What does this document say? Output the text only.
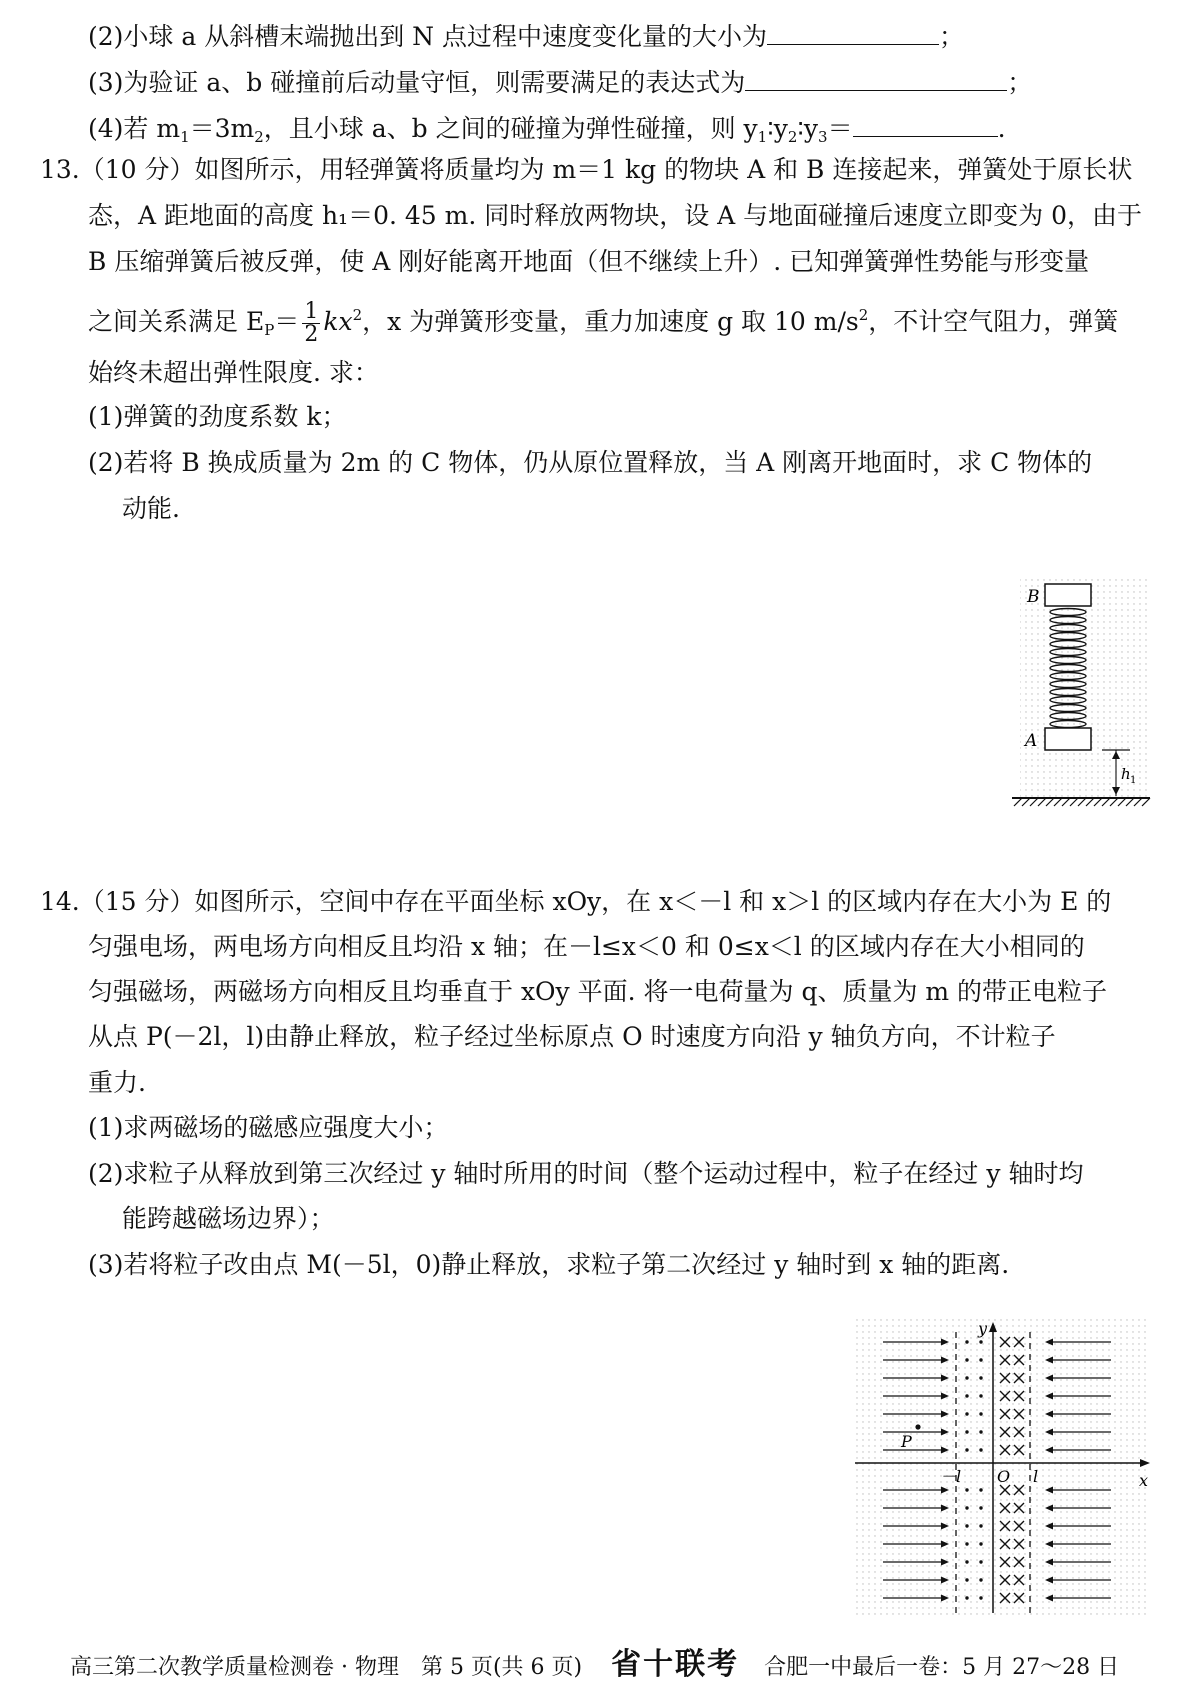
(2)小球 a 从斜槽末端抛出到 N 点过程中速度变化量的大小为	；
(3)为验证 a、b 碰撞前后动量守恒，则需要满足的表达式为	；
(4)若 $m_1=3m_2$，且小球 a、b 之间的碰撞为弹性碰撞，则 $y_1∶y_2∶y_3=$	.
13.（10 分）如图所示，用轻弹簧将质量均为 m＝1 kg 的物块 A 和 B 连接起来，弹簧处于原长状
态，A 距地面的高度 h₁＝0. 45 m. 同时释放两物块，设 A 与地面碰撞后速度立即变为 0，由于
B 压缩弹簧后被反弹，使 A 刚好能离开地面（但不继续上升）. 已知弹簧弹性势能与形变量
之间关系满足 $E_P= \frac{1}{2} kx^2$，x 为弹簧形变量，重力加速度 g 取 10 $m/s^2$，不计空气阻力，弹簧
始终未超出弹性限度. 求：
(1)弹簧的劲度系数 k；
(2)若将 B 换成质量为 2m 的 C 物体，仍从原位置释放，当 A 刚离开地面时，求 C 物体的
动能.
B
A
h 1
14.（15 分）如图所示，空间中存在平面坐标 xOy，在 x＜－l 和 x＞l 的区域内存在大小为 E 的
匀强电场，两电场方向相反且均沿 x 轴；在－l≤x＜0 和 0≤x＜l 的区域内存在大小相同的
匀强磁场，两磁场方向相反且均垂直于 xOy 平面. 将一电荷量为 q、质量为 m 的带正电粒子
从点 P(－2l，l)由静止释放，粒子经过坐标原点 O 时速度方向沿 y 轴负方向，不计粒子
重力.
(1)求两磁场的磁感应强度大小；
(2)求粒子从释放到第三次经过 y 轴时所用的时间（整个运动过程中，粒子在经过 y 轴时均
能跨越磁场边界）；
(3)若将粒子改由点 M(－5l，0)静止释放，求粒子第二次经过 y 轴时到 x 轴的距离.
y
x
O
－l	l
P
高三第二次教学质量检测卷 · 物理　第 5 页(共 6 页) 省十联考 合肥一中最后一卷：5 月 27～28 日
